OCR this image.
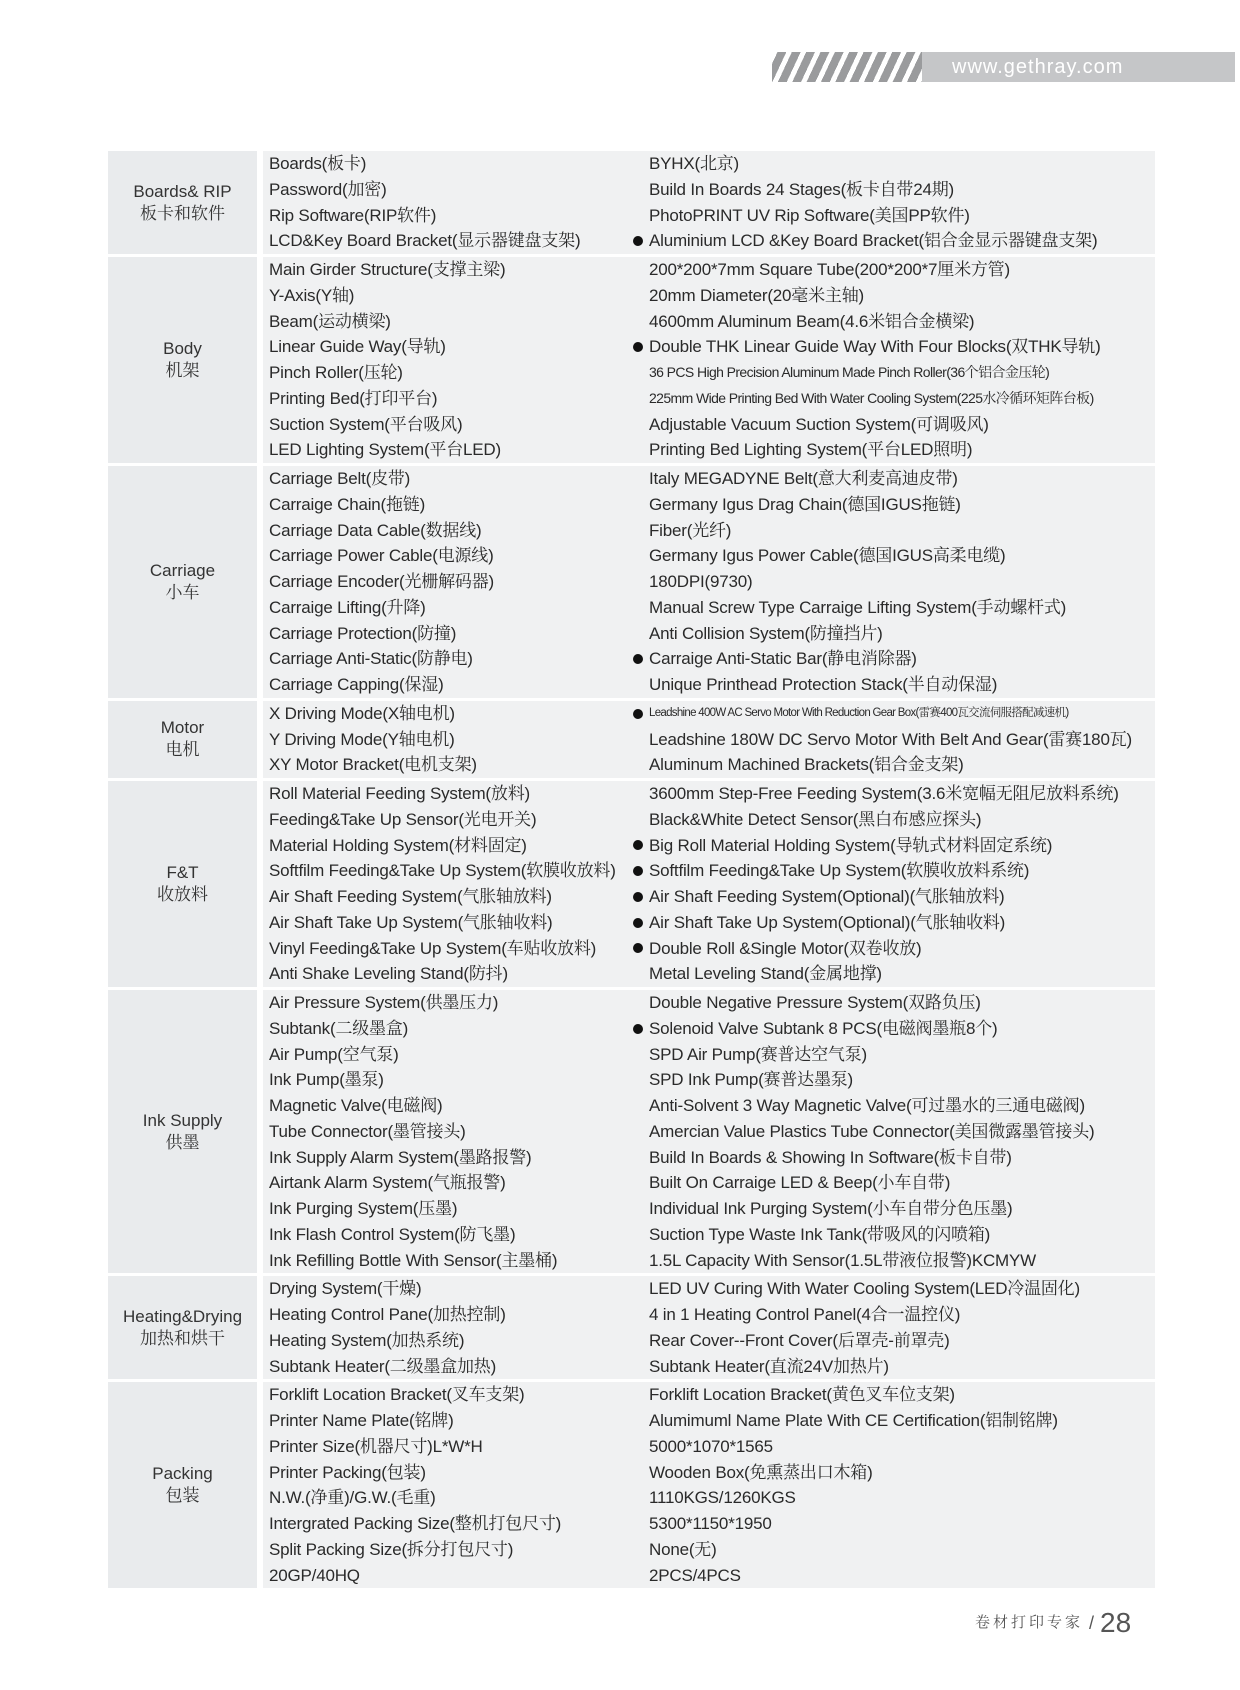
www.gethray.com
Boards& RIP
板卡和软件		Boards(板卡)	BYHX(北京)
		Password(加密)	Build In Boards 24 Stages(板卡自带24期)
		Rip Software(RIP软件)	PhotoPRINT UV Rip Software(美国PP软件)
		LCD&Key Board Bracket(显示器键盘支架)	Aluminium LCD &Key Board Bracket(铝合金显示器键盘支架)

Body
机架		Main Girder Structure(支撑主梁)	200*200*7mm Square Tube(200*200*7厘米方管)
		Y-Axis(Y轴)	20mm Diameter(20毫米主轴)
		Beam(运动横梁)	4600mm Aluminum Beam(4.6米铝合金横梁)
		Linear Guide Way(导轨)	Double THK Linear Guide Way With Four Blocks(双THK导轨)
		Pinch Roller(压轮)	36 PCS High Precision Aluminum Made Pinch Roller(36个铝合金压轮)
		Printing Bed(打印平台)	225mm Wide Printing Bed With Water Cooling System(225水冷循环矩阵台板)
		Suction System(平台吸风)	Adjustable Vacuum Suction System(可调吸风)
		LED Lighting System(平台LED)	Printing Bed Lighting System(平台LED照明)

Carriage
小车		Carriage Belt(皮带)	Italy MEGADYNE Belt(意大利麦高迪皮带)
		Carraige Chain(拖链)	Germany Igus Drag Chain(德国IGUS拖链)
		Carriage Data Cable(数据线)	Fiber(光纤)
		Carriage Power Cable(电源线)	Germany Igus Power Cable(德国IGUS高柔电缆)
		Carriage Encoder(光栅解码器)	180DPI(9730)
		Carraige Lifting(升降)	Manual Screw Type Carraige Lifting System(手动螺杆式)
		Carriage Protection(防撞)	Anti Collision System(防撞挡片)
		Carriage Anti-Static(防静电)	Carraige Anti-Static Bar(静电消除器)
		Carriage Capping(保湿)	Unique Printhead Protection Stack(半自动保湿)

Motor
电机		X Driving Mode(X轴电机)	Leadshine 400W AC Servo Motor With Reduction Gear Box(雷赛400瓦交流伺服搭配减速机)
		Y Driving Mode(Y轴电机)	Leadshine 180W DC Servo Motor With Belt And Gear(雷赛180瓦)
		XY Motor Bracket(电机支架)	Aluminum Machined Brackets(铝合金支架)

F&T
收放料		Roll Material Feeding System(放料)	3600mm Step-Free Feeding System(3.6米宽幅无阻尼放料系统)
		Feeding&Take Up Sensor(光电开关)	Black&White Detect Sensor(黑白布感应探头)
		Material Holding System(材料固定)	Big Roll Material Holding System(导轨式材料固定系统)
		Softfilm Feeding&Take Up System(软膜收放料)	Softfilm Feeding&Take Up System(软膜收放料系统)
		Air Shaft Feeding System(气胀轴放料)	Air Shaft Feeding System(Optional)(气胀轴放料)
		Air Shaft Take Up System(气胀轴收料)	Air Shaft Take Up System(Optional)(气胀轴收料)
		Vinyl Feeding&Take Up System(车贴收放料)	Double Roll &Single Motor(双卷收放)
		Anti Shake Leveling Stand(防抖)	Metal Leveling Stand(金属地撑)

Ink Supply
供墨		Air Pressure System(供墨压力)	Double Negative Pressure System(双路负压)
		Subtank(二级墨盒)	Solenoid Valve Subtank 8 PCS(电磁阀墨瓶8个)
		Air Pump(空气泵)	SPD Air Pump(赛普达空气泵)
		Ink Pump(墨泵)	SPD Ink Pump(赛普达墨泵)
		Magnetic Valve(电磁阀)	Anti-Solvent 3 Way Magnetic Valve(可过墨水的三通电磁阀)
		Tube Connector(墨管接头)	Amercian Value Plastics Tube Connector(美国微露墨管接头)
		Ink Supply Alarm System(墨路报警)	Build In Boards & Showing In Software(板卡自带)
		Airtank Alarm System(气瓶报警)	Built On Carraige LED & Beep(小车自带)
		Ink Purging System(压墨)	Individual Ink Purging System(小车自带分色压墨)
		Ink Flash Control System(防飞墨)	Suction Type Waste Ink Tank(带吸风的闪喷箱)
		Ink Refilling Bottle With Sensor(主墨桶)	1.5L Capacity With Sensor(1.5L带液位报警)KCMYW

Heating&Drying
加热和烘干		Drying System(干燥)	LED UV Curing With Water Cooling System(LED冷温固化)
		Heating Control Pane(加热控制)	4 in 1 Heating Control Panel(4合一温控仪)
		Heating System(加热系统)	Rear Cover--Front Cover(后罩壳-前罩壳)
		Subtank Heater(二级墨盒加热)	Subtank Heater(直流24V加热片)

Packing
包装		Forklift Location Bracket(叉车支架)	Forklift Location Bracket(黄色叉车位支架)
		Printer Name Plate(铭牌)	Alumimuml Name Plate With CE Certification(铝制铭牌)
		Printer Size(机器尺寸)L*W*H	5000*1070*1565
		Printer Packing(包装)	Wooden Box(免熏蒸出口木箱)
		N.W.(净重)/G.W.(毛重)	1110KGS/1260KGS
		Intergrated Packing Size(整机打包尺寸)	5300*1150*1950
		Split Packing Size(拆分打包尺寸)	None(无)
		20GP/40HQ	2PCS/4PCS
卷材打印专家 / 28
